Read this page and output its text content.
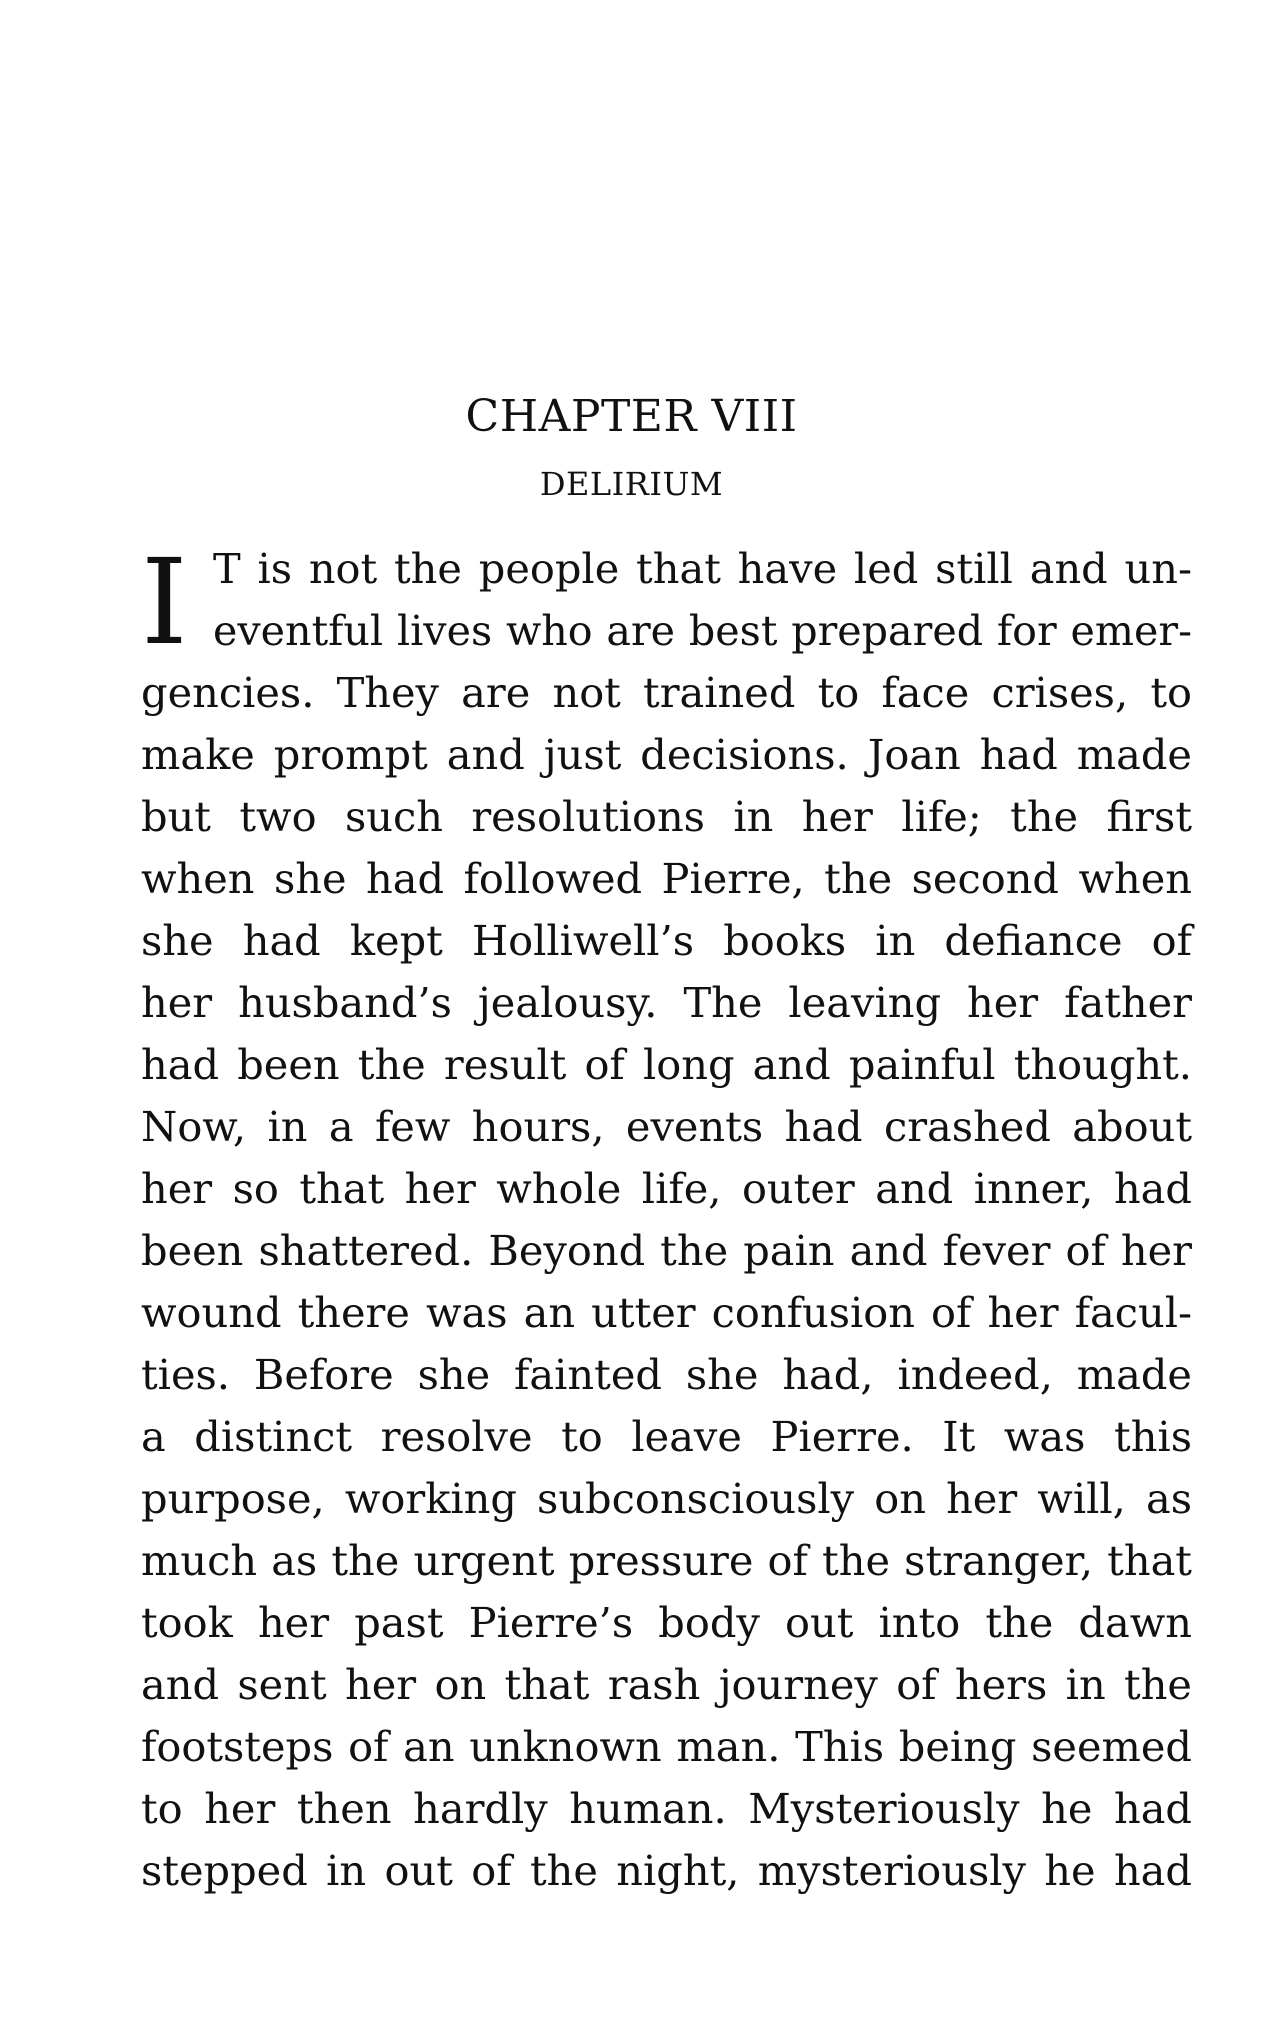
CHAPTER VIII
DELIRIUM
I T is not the people that have led still and un-
eventful lives who are best prepared for emer-
gencies. They are not trained to face crises, to
make prompt and just decisions. Joan had made
but two such resolutions in her life; the first
when she had followed Pierre, the second when
she had kept Holliwell’s books in defiance of
her husband’s jealousy. The leaving her father
had been the result of long and painful thought.
Now, in a few hours, events had crashed about
her so that her whole life, outer and inner, had
been shattered. Beyond the pain and fever of her
wound there was an utter confusion of her facul-
ties. Before she fainted she had, indeed, made
a distinct resolve to leave Pierre. It was this
purpose, working subconsciously on her will, as
much as the urgent pressure of the stranger, that
took her past Pierre’s body out into the dawn
and sent her on that rash journey of hers in the
footsteps of an unknown man. This being seemed
to her then hardly human. Mysteriously he had
stepped in out of the night, mysteriously he had
